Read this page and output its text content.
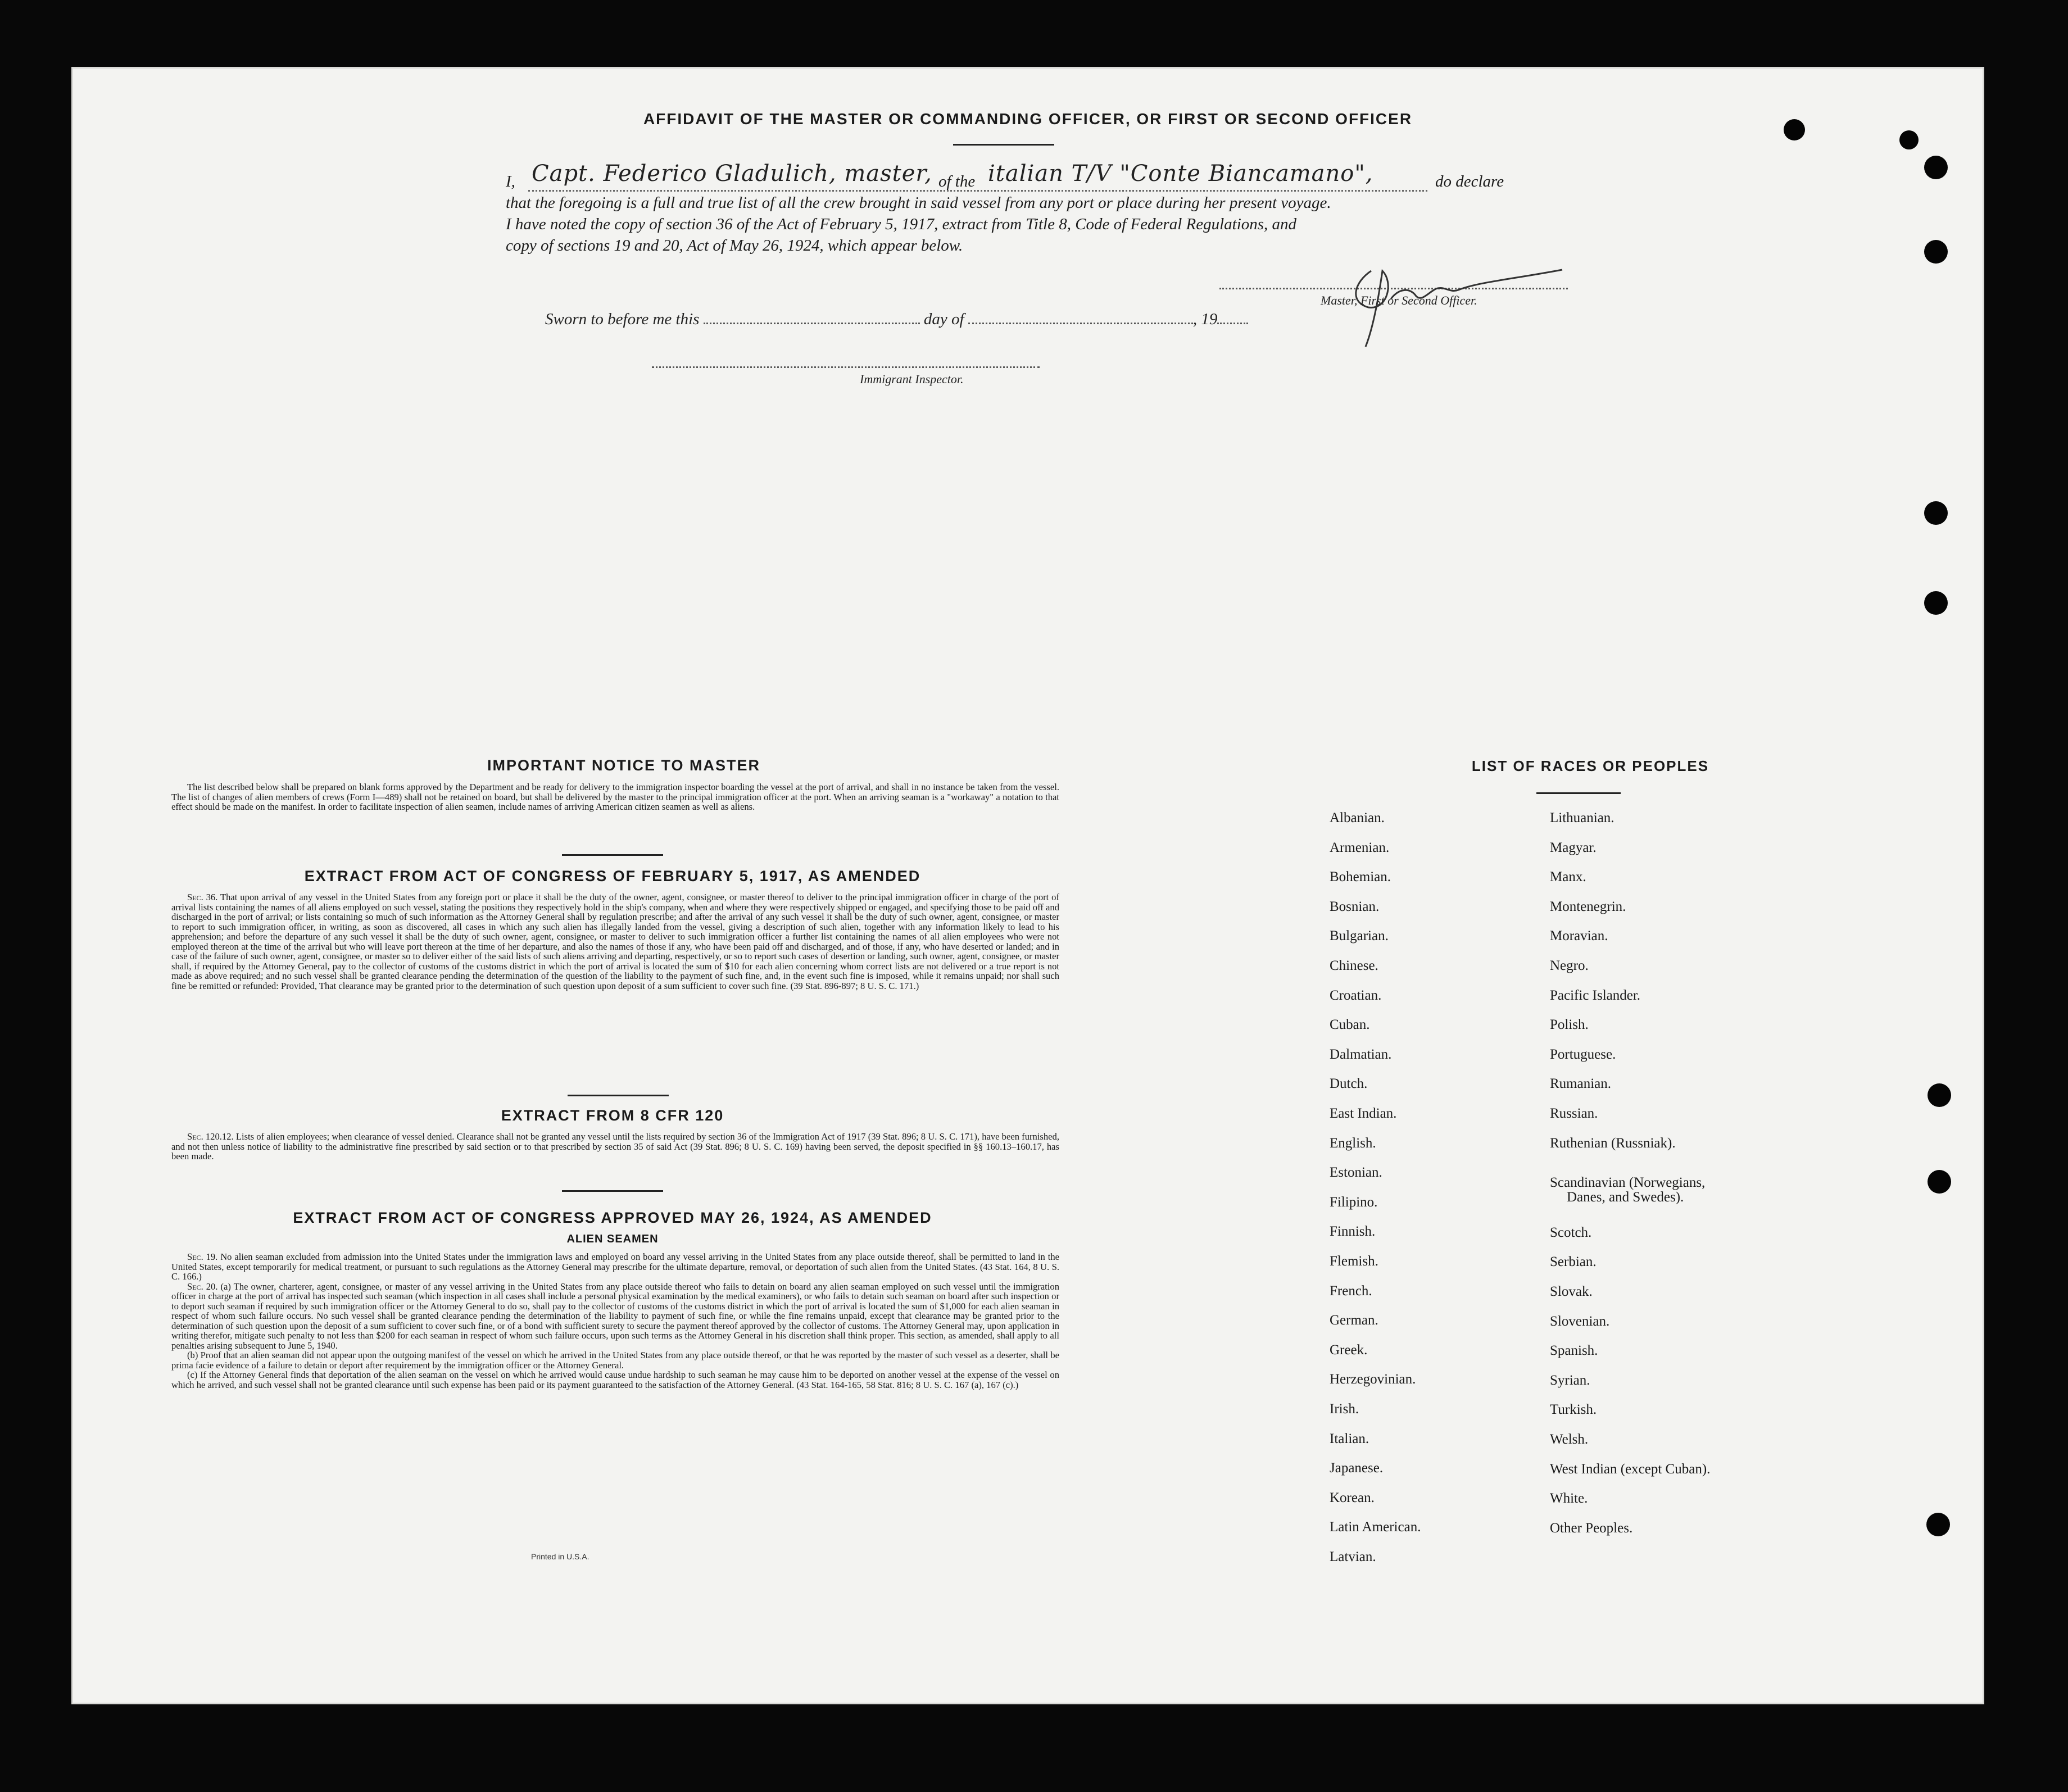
AFFIDAVIT OF THE MASTER OR COMMANDING OFFICER, OR FIRST OR SECOND OFFICER
I, Capt. Federico Gladulich, master, of the italian T/V "Conte Biancamano",	do declare
that the foregoing is a full and true list of all the crew brought in said vessel from any port or place during her present voyage.
I have noted the copy of section 36 of the Act of February 5, 1917, extract from Title 8, Code of Federal Regulations, and
copy of sections 19 and 20, Act of May 26, 1924, which appear below.
Master, First or Second Officer.
Sworn to before me this	day of	, 19
Immigrant Inspector.
IMPORTANT NOTICE TO MASTER

The list described below shall be prepared on blank forms approved by the Department and be ready for delivery to the immigration inspector boarding the vessel at the port of arrival, and shall in no instance be taken from the vessel. The list of changes of alien members of crews (Form I—489) shall not be retained on board, but shall be delivered by the master to the principal immigration officer at the port. When an arriving seaman is a "workaway" a notation to that effect should be made on the manifest. In order to facilitate inspection of alien seamen, include names of arriving American citizen seamen as well as aliens.

EXTRACT FROM ACT OF CONGRESS OF FEBRUARY 5, 1917, AS AMENDED

Sec. 36. That upon arrival of any vessel in the United States from any foreign port or place it shall be the duty of the owner, agent, consignee, or master thereof to deliver to the principal immigration officer in charge of the port of arrival lists containing the names of all aliens employed on such vessel, stating the positions they respectively hold in the ship's company, when and where they were respectively shipped or engaged, and specifying those to be paid off and discharged in the port of arrival; or lists containing so much of such information as the Attorney General shall by regulation prescribe; and after the arrival of any such vessel it shall be the duty of such owner, agent, consignee, or master to report to such immigration officer, in writing, as soon as discovered, all cases in which any such alien has illegally landed from the vessel, giving a description of such alien, together with any information likely to lead to his apprehension; and before the departure of any such vessel it shall be the duty of such owner, agent, consignee, or master to deliver to such immigration officer a further list containing the names of all alien employees who were not employed thereon at the time of the arrival but who will leave port thereon at the time of her departure, and also the names of those if any, who have been paid off and discharged, and of those, if any, who have deserted or landed; and in case of the failure of such owner, agent, consignee, or master so to deliver either of the said lists of such aliens arriving and departing, respectively, or so to report such cases of desertion or landing, such owner, agent, consignee, or master shall, if required by the Attorney General, pay to the collector of customs of the customs district in which the port of arrival is located the sum of $10 for each alien concerning whom correct lists are not delivered or a true report is not made as above required; and no such vessel shall be granted clearance pending the determination of the question of the liability to the payment of such fine, and, in the event such fine is imposed, while it remains unpaid; nor shall such fine be remitted or refunded: Provided, That clearance may be granted prior to the determination of such question upon deposit of a sum sufficient to cover such fine. (39 Stat. 896-897; 8 U. S. C. 171.)

EXTRACT FROM 8 CFR 120

Sec. 120.12. Lists of alien employees; when clearance of vessel denied. Clearance shall not be granted any vessel until the lists required by section 36 of the Immigration Act of 1917 (39 Stat. 896; 8 U. S. C. 171), have been furnished, and not then unless notice of liability to the administrative fine prescribed by said section or to that prescribed by section 35 of said Act (39 Stat. 896; 8 U. S. C. 169) having been served, the deposit specified in §§ 160.13–160.17, has been made.

EXTRACT FROM ACT OF CONGRESS APPROVED MAY 26, 1924, AS AMENDED
ALIEN SEAMEN

Sec. 19. No alien seaman excluded from admission into the United States under the immigration laws and employed on board any vessel arriving in the United States from any place outside thereof, shall be permitted to land in the United States, except temporarily for medical treatment, or pursuant to such regulations as the Attorney General may prescribe for the ultimate departure, removal, or deportation of such alien from the United States. (43 Stat. 164, 8 U. S. C. 166.)

Sec. 20. (a) The owner, charterer, agent, consignee, or master of any vessel arriving in the United States from any place outside thereof who fails to detain on board any alien seaman employed on such vessel until the immigration officer in charge at the port of arrival has inspected such seaman (which inspection in all cases shall include a personal physical examination by the medical examiners), or who fails to detain such seaman on board after such inspection or to deport such seaman if required by such immigration officer or the Attorney General to do so, shall pay to the collector of customs of the customs district in which the port of arrival is located the sum of $1,000 for each alien seaman in respect of whom such failure occurs. No such vessel shall be granted clearance pending the determination of the liability to payment of such fine, or while the fine remains unpaid, except that clearance may be granted prior to the determination of such question upon the deposit of a sum sufficient to cover such fine, or of a bond with sufficient surety to secure the payment thereof approved by the collector of customs. The Attorney General may, upon application in writing therefor, mitigate such penalty to not less than $200 for each seaman in respect of whom such failure occurs, upon such terms as the Attorney General in his discretion shall think proper. This section, as amended, shall apply to all penalties arising subsequent to June 5, 1940.

(b) Proof that an alien seaman did not appear upon the outgoing manifest of the vessel on which he arrived in the United States from any place outside thereof, or that he was reported by the master of such vessel as a deserter, shall be prima facie evidence of a failure to detain or deport after requirement by the immigration officer or the Attorney General.

(c) If the Attorney General finds that deportation of the alien seaman on the vessel on which he arrived would cause undue hardship to such seaman he may cause him to be deported on another vessel at the expense of the vessel on which he arrived, and such vessel shall not be granted clearance until such expense has been paid or its payment guaranteed to the satisfaction of the Attorney General. (43 Stat. 164-165, 58 Stat. 816; 8 U. S. C. 167 (a), 167 (c).)

Printed in U.S.A.
LIST OF RACES OR PEOPLES
Albanian.
Armenian.
Bohemian.
Bosnian.
Bulgarian.
Chinese.
Croatian.
Cuban.
Dalmatian.
Dutch.
East Indian.
English.
Estonian.
Filipino.
Finnish.
Flemish.
French.
German.
Greek.
Herzegovinian.
Irish.
Italian.
Japanese.
Korean.
Latin American.
Latvian.
Lithuanian.
Magyar.
Manx.
Montenegrin.
Moravian.
Negro.
Pacific Islander.
Polish.
Portuguese.
Rumanian.
Russian.
Ruthenian (Russniak).
Scandinavian (Norwegians,
Danes, and Swedes).
Scotch.
Serbian.
Slovak.
Slovenian.
Spanish.
Syrian.
Turkish.
Welsh.
West Indian (except Cuban).
White.
Other Peoples.
